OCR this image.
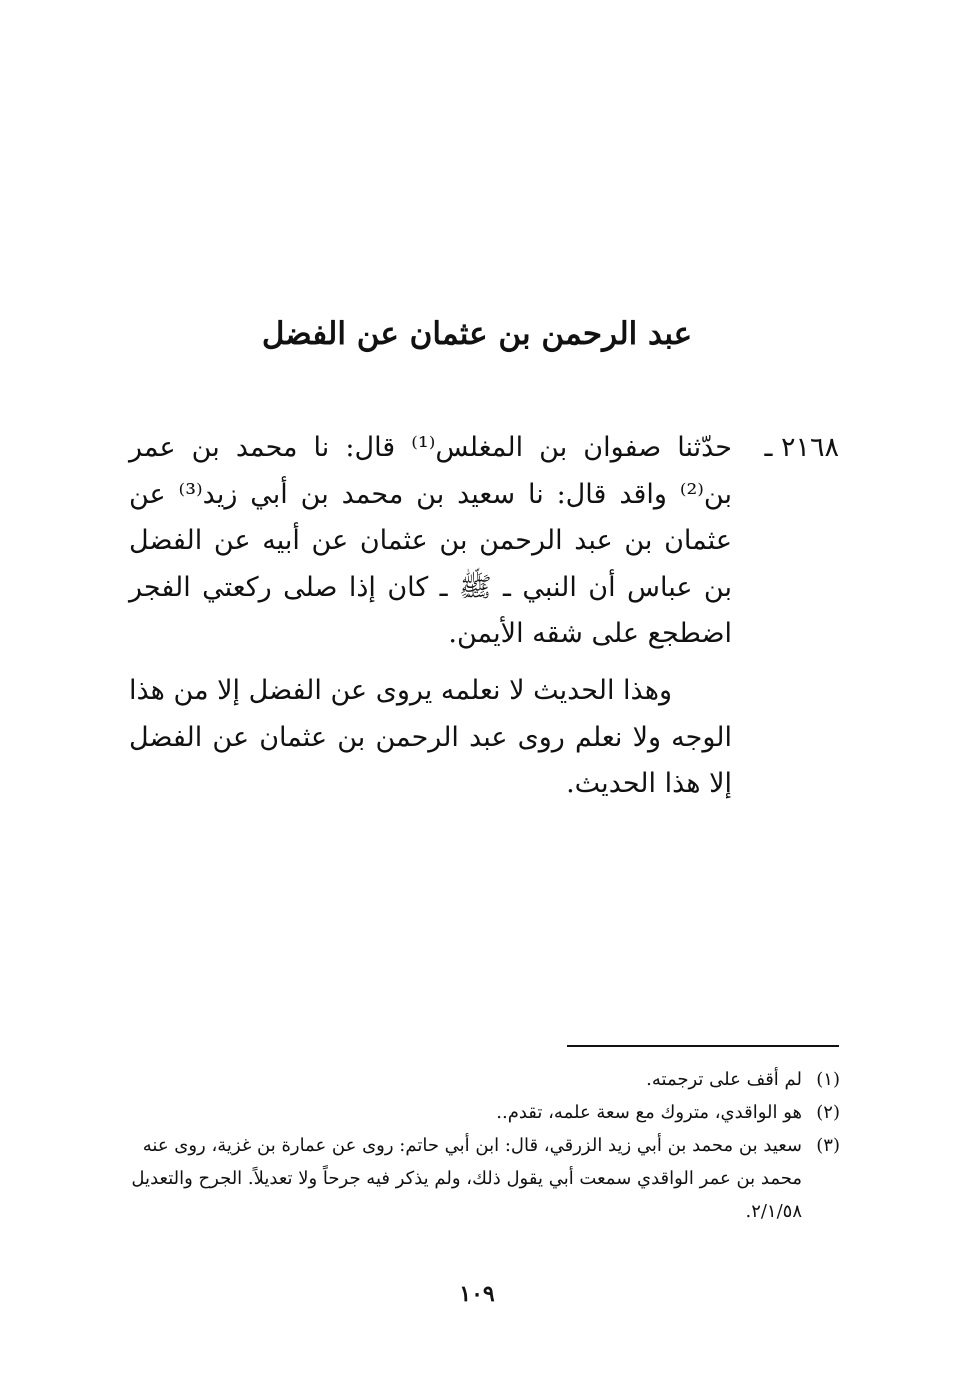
عبد الرحمن بن عثمان عن الفضل
٢١٦٨ ـ

حدّثنا صفوان بن المغلس⁽¹⁾ قال: نا محمد بن عمر بن⁽²⁾ واقد قال: نا سعيد بن محمد بن أبي زيد⁽³⁾ عن عثمان بن عبد الرحمن بن عثمان عن أبيه عن الفضل بن عباس أن النبي ـ ﷺ ـ كان إذا صلى ركعتي الفجر اضطجع على شقه الأيمن.

وهذا الحديث لا نعلمه يروى عن الفضل إلا من هذا الوجه ولا نعلم روى عبد الرحمن بن عثمان عن الفضل إلا هذا الحديث.

(١)
لم أقف على ترجمته.

(٢)
هو الواقدي، متروك مع سعة علمه، تقدم..

(٣)
سعيد بن محمد بن أبي زيد الزرقي، قال: ابن أبي حاتم: روى عن عمارة بن غزية، روى عنه محمد بن عمر الواقدي سمعت أبي يقول ذلك، ولم يذكر فيه جرحاً ولا تعديلاً. الجرح والتعديل ٢/١/٥٨.

١٠٩
